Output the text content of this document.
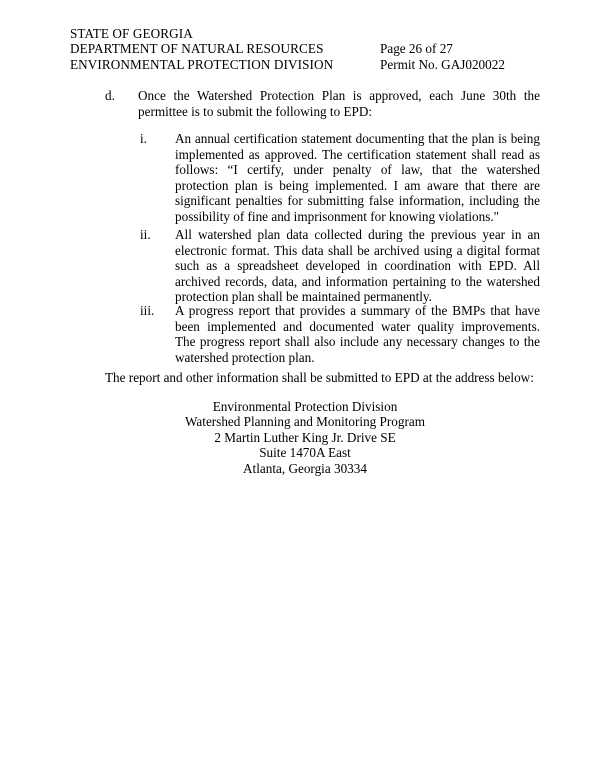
STATE OF GEORGIA
DEPARTMENT OF NATURAL RESOURCES
ENVIRONMENTAL PROTECTION DIVISION
Page 26 of 27
Permit No. GAJ020022
d.	Once the Watershed Protection Plan is approved, each June 30th the permittee is to submit the following to EPD:
i.	An annual certification statement documenting that the plan is being implemented as approved. The certification statement shall read as follows: “I certify, under penalty of law, that the watershed protection plan is being implemented. I am aware that there are significant penalties for submitting false information, including the possibility of fine and imprisonment for knowing violations."
ii.	All watershed plan data collected during the previous year in an electronic format. This data shall be archived using a digital format such as a spreadsheet developed in coordination with EPD. All archived records, data, and information pertaining to the watershed protection plan shall be maintained permanently.
iii.	A progress report that provides a summary of the BMPs that have been implemented and documented water quality improvements. The progress report shall also include any necessary changes to the watershed protection plan.
The report and other information shall be submitted to EPD at the address below:
Environmental Protection Division
Watershed Planning and Monitoring Program
2 Martin Luther King Jr. Drive SE
Suite 1470A East
Atlanta, Georgia 30334
